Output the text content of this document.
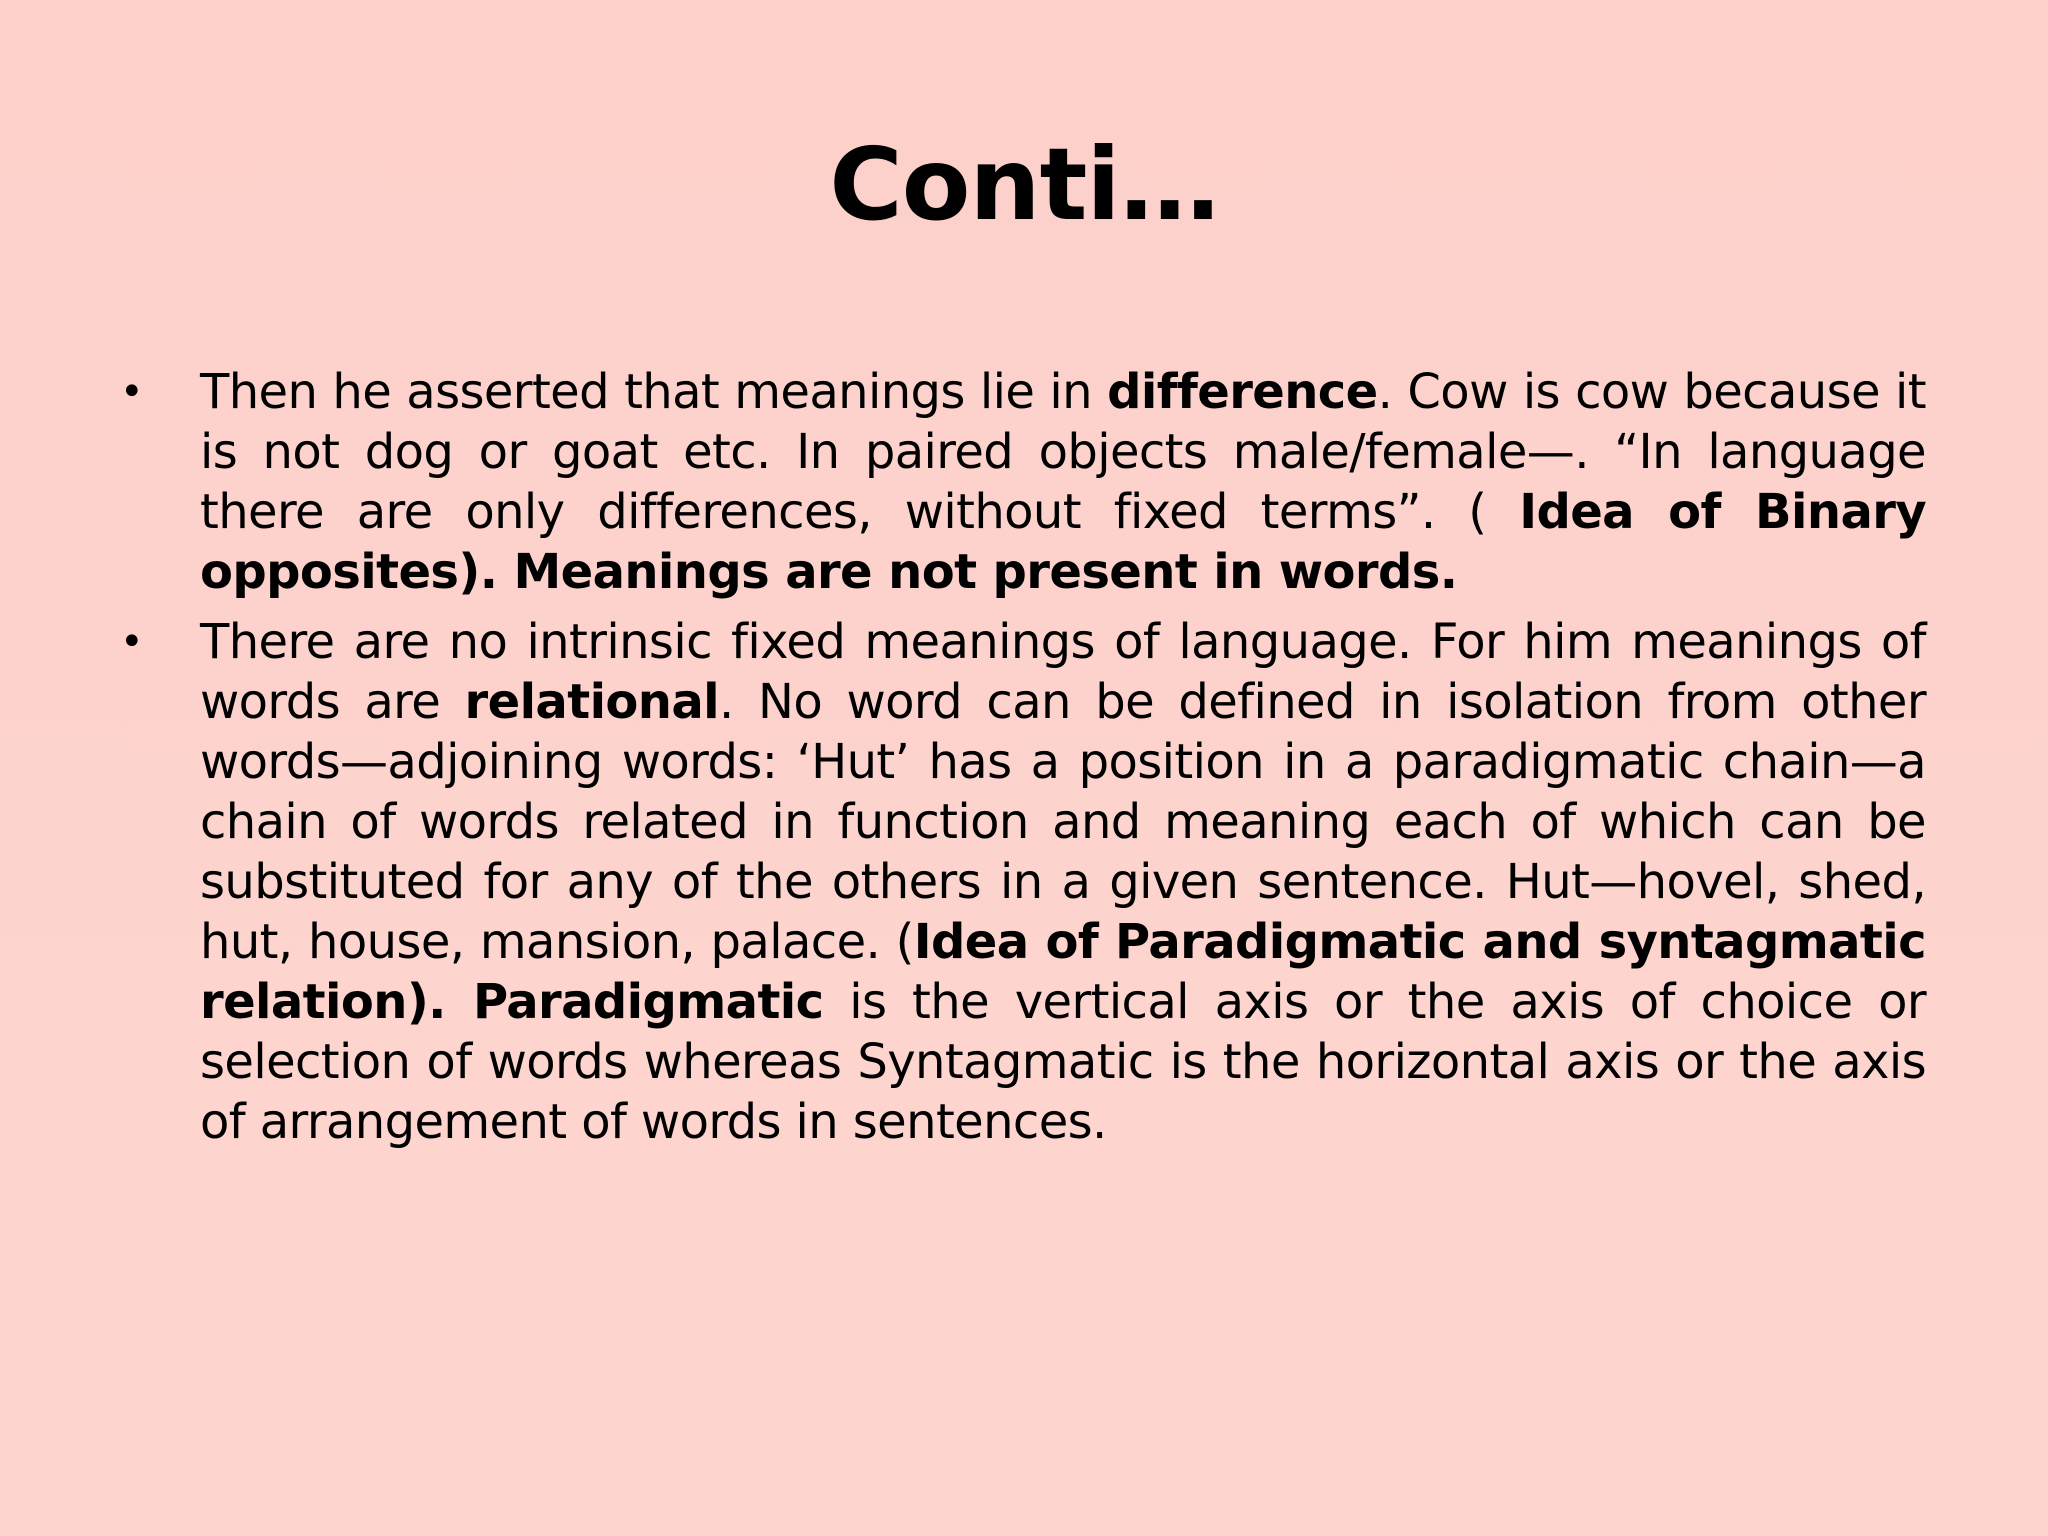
Conti…
• Then he asserted that meanings lie in difference. Cow is cow because it is not dog or goat etc. In paired objects male/female—. “In language there are only differences, without fixed terms”. ( Idea of Binary opposites). Meanings are not present in words.
• There are no intrinsic fixed meanings of language. For him meanings of words are relational. No word can be defined in isolation from other words—adjoining words: ‘Hut’ has a position in a paradigmatic chain—a chain of words related in function and meaning each of which can be substituted for any of the others in a given sentence. Hut—hovel, shed, hut, house, mansion, palace. (Idea of Paradigmatic and syntagmatic relation). Paradigmatic is the vertical axis or the axis of choice or selection of words whereas Syntagmatic is the horizontal axis or the axis of arrangement of words in sentences.
